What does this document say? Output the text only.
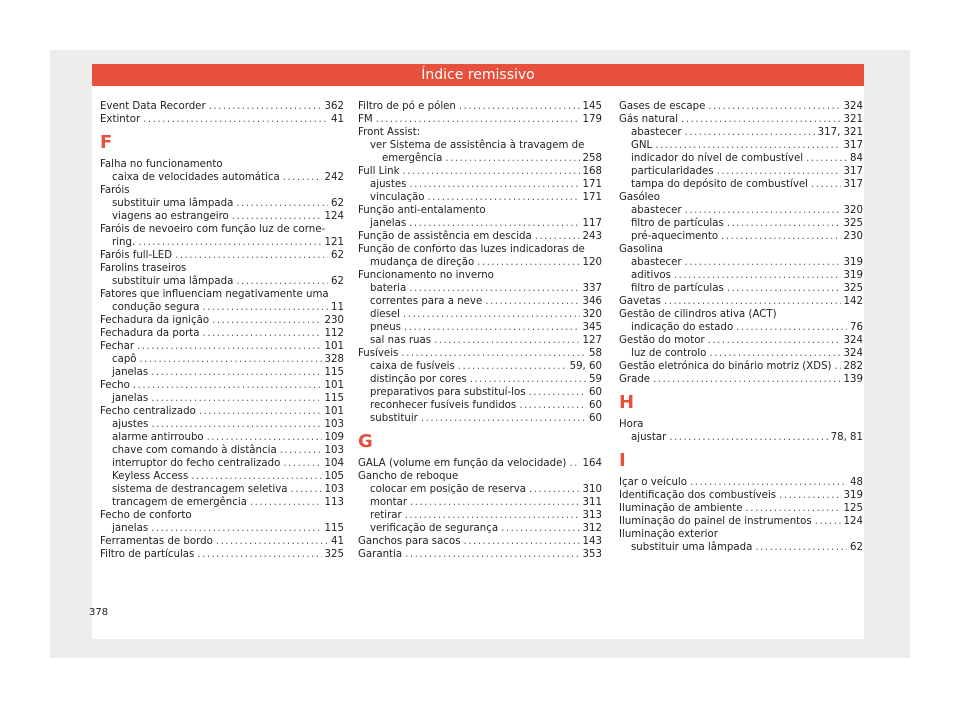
Índice remissivo
Event Data Recorder .....	362
Extintor .....	41
F
Falha no funcionamento
caixa de velocidades automática .....	242
Faróis
substituir uma lâmpada .....	62
viagens ao estrangeiro .....	124
Faróis de nevoeiro com função luz de corne-
ring. .....	121
Faróis full-LED .....	62
Farolins traseiros
substituir uma lâmpada .....	62
Fatores que influenciam negativamente uma
condução segura .....	11
Fechadura da ignição .....	230
Fechadura da porta .....	112
Fechar .....	101
capô .....	328
janelas .....	115
Fecho .....	101
janelas .....	115
Fecho centralizado .....	101
ajustes .....	103
alarme antirroubo .....	109
chave com comando à distância .....	103
interruptor do fecho centralizado .....	104
Keyless Access .....	105
sistema de destrancagem seletiva .....	103
trancagem de emergência .....	113
Fecho de conforto
janelas .....	115
Ferramentas de bordo .....	41
Filtro de partículas .....	325
Filtro de pó e pólen .....	145
FM .....	179
Front Assist:
ver Sistema de assistência à travagem de
emergência .....	258
Full Link .....	168
ajustes .....	171
vinculação .....	171
Função anti-entalamento
janelas .....	117
Função de assistência em descida .....	243
Função de conforto das luzes indicadoras de
mudança de direção .....	120
Funcionamento no inverno
bateria .....	337
correntes para a neve .....	346
diesel .....	320
pneus .....	345
sal nas ruas .....	127
Fusíveis .....	58
caixa de fusíveis .....	59, 60
distinção por cores .....	59
preparativos para substituí-los .....	60
reconhecer fusíveis fundidos .....	60
substituir .....	60
G
GALA (volume em função da velocidade) ..... 164
Gancho de reboque
colocar em posição de reserva .....	310
montar .....	311
retirar .....	313
verificação de segurança .....	312
Ganchos para sacos .....	143
Garantia .....	353
Gases de escape .....	324
Gás natural .....	321
abastecer .....	317, 321
GNL .....	317
indicador do nível de combustível .....	84
particularidades .....	317
tampa do depósito de combustível .....	317
Gasóleo
abastecer .....	320
filtro de partículas .....	325
pré-aquecimento .....	230
Gasolina
abastecer .....	319
aditivos .....	319
filtro de partículas .....	325
Gavetas .....	142
Gestão de cilindros ativa (ACT)
indicação do estado .....	76
Gestão do motor .....	324
luz de controlo .....	324
Gestão eletrónica do binário motriz (XDS) ..... 282
Grade .....	139
H
Hora
ajustar .....	78, 81
I
Içar o veículo .....	48
Identificação dos combustíveis .....	319
Iluminação de ambiente .....	125
Iluminação do painel de instrumentos .....	124
Iluminação exterior
substituir uma lâmpada .....	62
378
